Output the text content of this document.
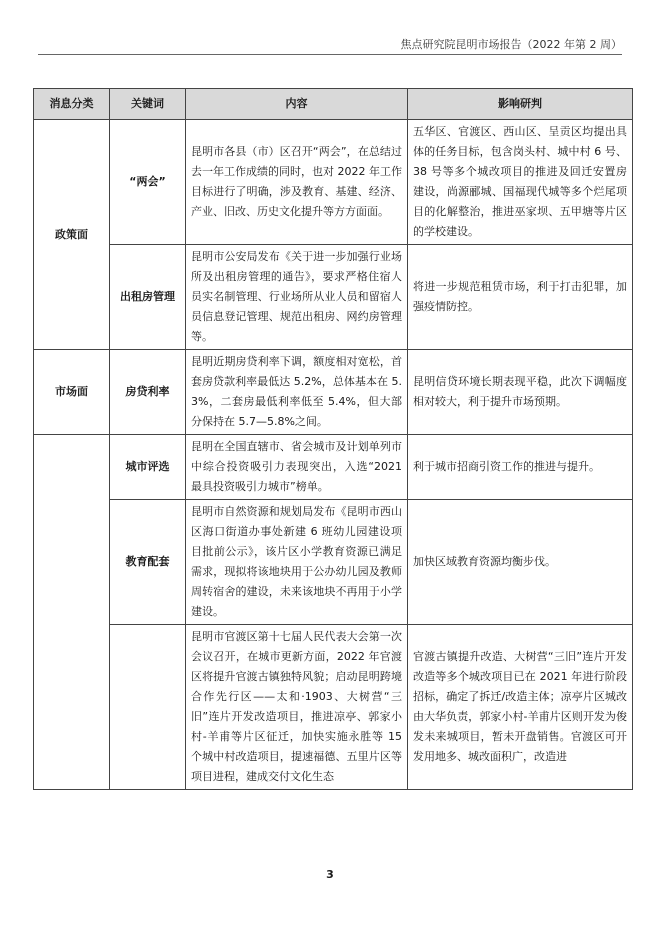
焦点研究院昆明市场报告（2022 年第 2 周）
消息分类	关键词	内容	影响研判
政策面	“两会”	昆明市各县（市）区召开“两会”，在总结过去一年工作成绩的同时，也对 2022 年工作目标进行了明确，涉及教育、基建、经济、产业、旧改、历史文化提升等方方面面。	五华区、官渡区、西山区、呈贡区均提出具体的任务目标，包含岗头村、城中村 6 号、38 号等多个城改项目的推进及回迁安置房建设，尚源郦城、国福现代城等多个烂尾项目的化解整治，推进巫家坝、五甲塘等片区的学校建设。
	出租房管理	昆明市公安局发布《关于进一步加强行业场所及出租房管理的通告》，要求严格住宿人员实名制管理、行业场所从业人员和留宿人员信息登记管理、规范出租房、网约房管理等。	将进一步规范租赁市场，利于打击犯罪，加强疫情防控。
市场面	房贷利率	昆明近期房贷利率下调，额度相对宽松，首套房贷款利率最低达 5.2%，总体基本在 5.3%，二套房最低利率低至 5.4%，但大部分保持在 5.7—5.8%之间。	昆明信贷环境长期表现平稳，此次下调幅度相对较大，利于提升市场预期。
	城市评选	昆明在全国直辖市、省会城市及计划单列市中综合投资吸引力表现突出，入选“2021 最具投资吸引力城市”榜单。	利于城市招商引资工作的推进与提升。
	教育配套	昆明市自然资源和规划局发布《昆明市西山区海口街道办事处新建 6 班幼儿园建设项目批前公示》，该片区小学教育资源已满足需求，现拟将该地块用于公办幼儿园及教师周转宿舍的建设，未来该地块不再用于小学建设。	加快区域教育资源均衡步伐。
		昆明市官渡区第十七届人民代表大会第一次会议召开，在城市更新方面，2022 年官渡区将提升官渡古镇独特风貌；启动昆明跨境合作先行区——太和·1903、大树营“三旧”连片开发改造项目，推进凉亭、郭家小村-羊甫等片区征迁，加快实施永胜等 15 个城中村改造项目，提速福德、五里片区等项目进程，建成交付文化生态	官渡古镇提升改造、大树营“三旧”连片开发改造等多个城改项目已在 2021 年进行阶段招标，确定了拆迁/改造主体；凉亭片区城改由大华负责，郭家小村-羊甫片区则开发为俊发未来城项目，暂未开盘销售。官渡区可开发用地多、城改面积广，改造进
3
